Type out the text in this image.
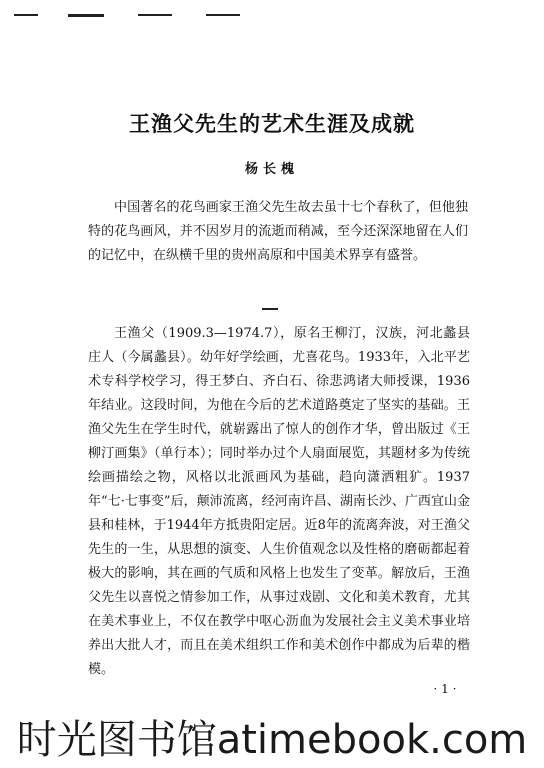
王渔父先生的艺术生涯及成就
杨长槐

中国著名的花鸟画家王渔父先生故去虽十七个春秋了，但他独特的花鸟画风，并不因岁月的流逝而稍减，至今还深深地留在人们的记忆中，在纵横千里的贵州高原和中国美术界享有盛誉。

王渔父（1909.3—1974.7），原名王柳汀，汉族，河北蠡县庄人（今属蠡县）。幼年好学绘画，尤喜花鸟。1933年，入北平艺术专科学校学习，得王梦白、齐白石、徐悲鸿诸大师授课，1936年结业。这段时间，为他在今后的艺术道路奠定了坚实的基础。王渔父先生在学生时代，就崭露出了惊人的创作才华，曾出版过《王柳汀画集》（单行本）；同时举办过个人扇面展览，其题材多为传统绘画描绘之物，风格以北派画风为基础，趋向潇洒粗犷。1937年“七·七事变”后，颠沛流离，经河南许昌、湖南长沙、广西宜山金县和桂林，于1944年方抵贵阳定居。近8年的流离奔波，对王渔父先生的一生，从思想的演变、人生价值观念以及性格的磨砺都起着极大的影响，其在画的气质和风格上也发生了变革。解放后，王渔父先生以喜悦之情参加工作，从事过戏剧、文化和美术教育，尤其在美术事业上，不仅在教学中呕心沥血为发展社会主义美术事业培养出大批人才，而且在美术组织工作和美术创作中都成为后辈的楷模。

· 1 ·
时光图书馆atimebook.com
